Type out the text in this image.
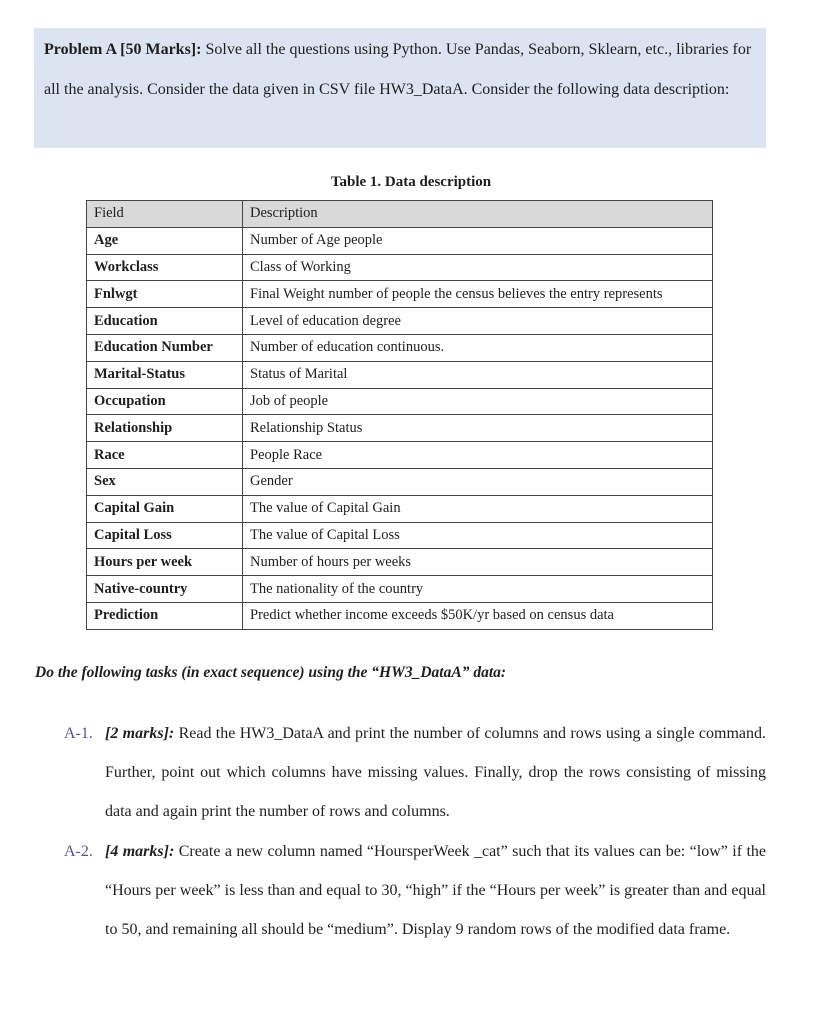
Problem A [50 Marks]: Solve all the questions using Python. Use Pandas, Seaborn, Sklearn, etc., libraries for all the analysis. Consider the data given in CSV file HW3_DataA. Consider the following data description:
Table 1. Data description
Field	Description
Age	Number of Age people
Workclass	Class of Working
Fnlwgt	Final Weight number of people the census believes the entry represents
Education	Level of education degree
Education Number	Number of education continuous.
Marital-Status	Status of Marital
Occupation	Job of people
Relationship	Relationship Status
Race	People Race
Sex	Gender
Capital Gain	The value of Capital Gain
Capital Loss	The value of Capital Loss
Hours per week	Number of hours per weeks
Native-country	The nationality of the country
Prediction	Predict whether income exceeds $50K/yr based on census data
Do the following tasks (in exact sequence) using the “HW3_DataA” data:
A-1. [2 marks]: Read the HW3_DataA and print the number of columns and rows using a single command. Further, point out which columns have missing values. Finally, drop the rows consisting of missing data and again print the number of rows and columns.
A-2. [4 marks]: Create a new column named “HoursperWeek _cat” such that its values can be: “low” if the “Hours per week” is less than and equal to 30, “high” if the “Hours per week” is greater than and equal to 50, and remaining all should be “medium”. Display 9 random rows of the modified data frame.
